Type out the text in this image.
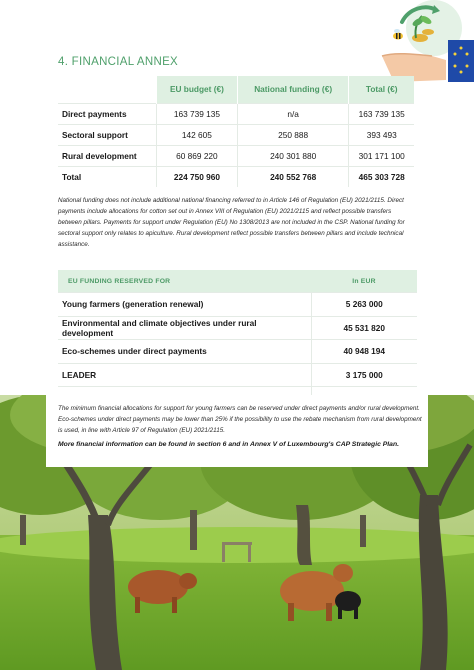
4. FINANCIAL ANNEX
	EU budget (€)	National funding (€)	Total (€)
Direct payments	163 739 135	n/a	163 739 135
Sectoral support	142 605	250 888	393 493
Rural development	60 869 220	240 301 880	301 171 100
Total	224 750 960	240 552 768	465 303 728

National funding does not include additional national financing referred to in Article 146 of Regulation (EU) 2021/2115. Direct payments include allocations for cotton set out in Annex VIII of Regulation (EU) 2021/2115 and reflect possible transfers between pillars. Payments for support under Regulation (EU) No 1308/2013 are not included in the CSP. National funding for sectoral support only relates to apiculture. Rural development reflect possible transfers between pillars and include technical assistance.

EU FUNDING RESERVED FOR	In EUR
Young farmers (generation renewal)	5 263 000
Environmental and climate objectives under rural development	45 531 820
Eco-schemes under direct payments	40 948 194
LEADER	3 175 000

The minimum financial allocations for support for young farmers can be reserved under direct payments and/or rural development. Eco-schemes under direct payments may be lower than 25% if the possibility to use the rebate mechanism from rural development is used, in line with Article 97 of Regulation (EU) 2021/2115.

More financial information can be found in section 6 and in Annex V of Luxembourg's CAP Strategic Plan.
